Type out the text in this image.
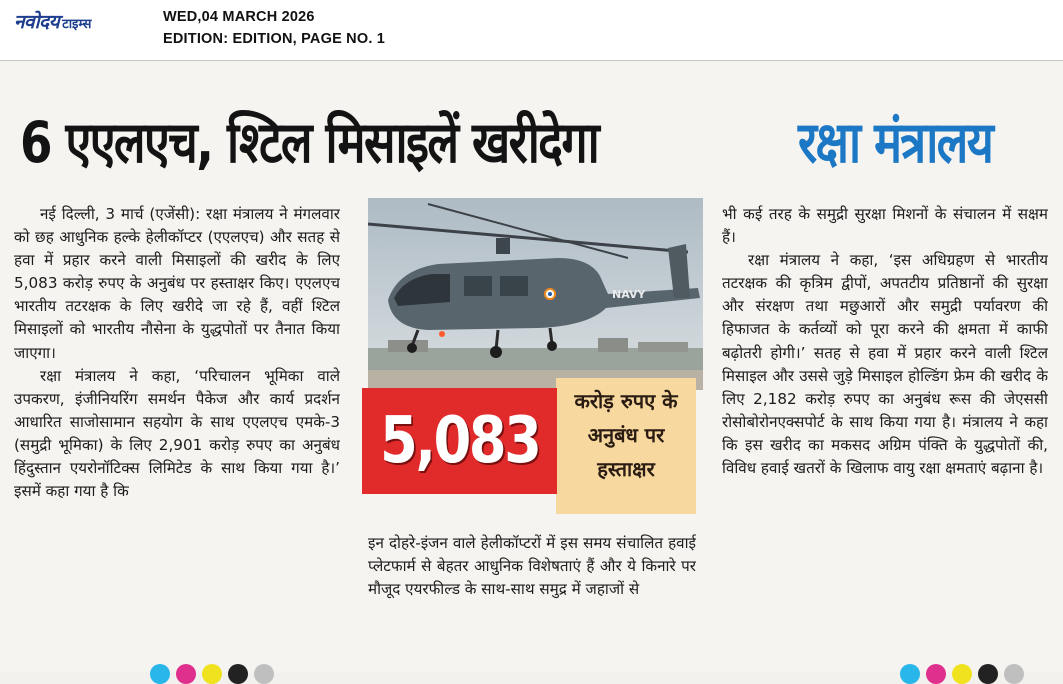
नवोदय टाइम्स	WED,04 MARCH 2026
EDITION: EDITION, PAGE NO. 1
6 एएलएच, श्टिल मिसाइलें खरीदेगा	रक्षा मंत्रालय

नई दिल्ली, 3 मार्च (एजेंसी): रक्षा मंत्रालय ने मंगलवार को छह आधुनिक हल्के हेलीकॉप्टर (एएलएच) और सतह से हवा में प्रहार करने वाली मिसाइलों की खरीद के लिए 5,083 करोड़ रुपए के अनुबंध पर हस्ताक्षर किए। एएलएच भारतीय तटरक्षक के लिए खरीदे जा रहे हैं, वहीं श्टिल मिसाइलों को भारतीय नौसेना के युद्धपोतों पर तैनात किया जाएगा।

रक्षा मंत्रालय ने कहा, ‘परिचालन भूमिका वाले उपकरण, इंजीनियरिंग समर्थन पैकेज और कार्य प्रदर्शन आधारित साजोसामान सहयोग के साथ एएलएच एमके-3 (समुद्री भूमिका) के लिए 2,901 करोड़ रुपए का अनुबंध हिंदुस्तान एयरोनॉटिक्स लिमिटेड के साथ किया गया है।’ इसमें कहा गया है कि

NAVY
करोड़ रुपए के अनुबंध पर हस्ताक्षर
5,083

इन दोहरे-इंजन वाले हेलीकॉप्टरों में इस समय संचालित हवाई प्लेटफार्म से बेहतर आधुनिक विशेषताएं हैं और ये किनारे पर मौजूद एयरफील्ड के साथ-साथ समुद्र में जहाजों से

भी कई तरह के समुद्री सुरक्षा मिशनों के संचालन में सक्षम हैं।

रक्षा मंत्रालय ने कहा, ‘इस अधिग्रहण से भारतीय तटरक्षक की कृत्रिम द्वीपों, अपतटीय प्रतिष्ठानों की सुरक्षा और संरक्षण तथा मछुआरों और समुद्री पर्यावरण की हिफाजत के कर्तव्यों को पूरा करने की क्षमता में काफी बढ़ोतरी होगी।’ सतह से हवा में प्रहार करने वाली श्टिल मिसाइल और उससे जुड़े मिसाइल होल्डिंग फ्रेम की खरीद के लिए 2,182 करोड़ रुपए का अनुबंध रूस की जेएससी रोसोबोरोनएक्सपोर्ट के साथ किया गया है। मंत्रालय ने कहा कि इस खरीद का मकसद अग्रिम पंक्ति के युद्धपोतों की, विविध हवाई खतरों के खिलाफ वायु रक्षा क्षमताएं बढ़ाना है।
